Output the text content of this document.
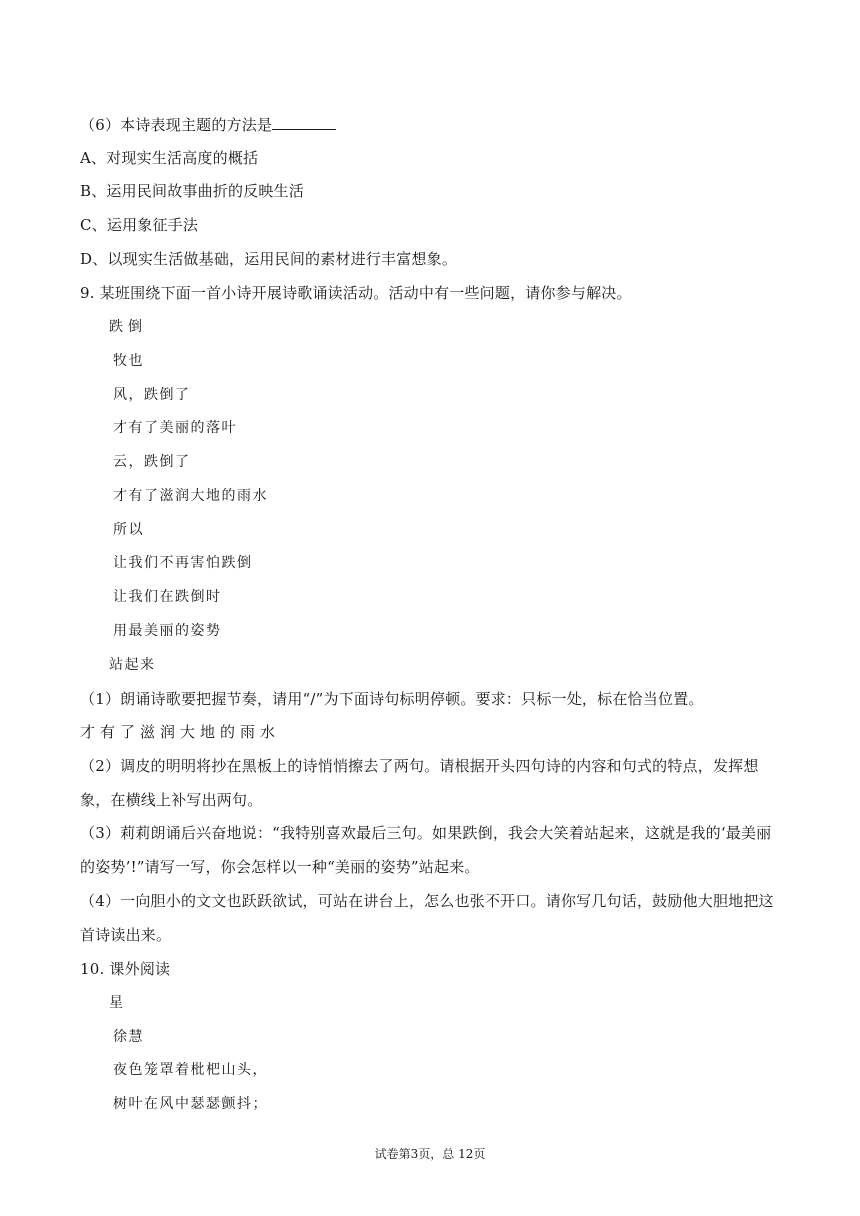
（6）本诗表现主题的方法是
A、对现实生活高度的概括
B、运用民间故事曲折的反映生活
C、运用象征手法
D、以现实生活做基础，运用民间的素材进行丰富想象。
9. 某班围绕下面一首小诗开展诗歌诵读活动。活动中有一些问题，请你参与解决。
跌倒
牧也
风，跌倒了
才有了美丽的落叶
云，跌倒了
才有了滋润大地的雨水
所以
让我们不再害怕跌倒
让我们在跌倒时
用最美丽的姿势
站起来
（1）朗诵诗歌要把握节奏，请用“/”为下面诗句标明停顿。要求：只标一处，标在恰当位置。
才有了滋润大地的雨水
（2）调皮的明明将抄在黑板上的诗悄悄擦去了两句。请根据开头四句诗的内容和句式的特点，发挥想象，在横线上补写出两句。
（3）莉莉朗诵后兴奋地说：“我特别喜欢最后三句。如果跌倒，我会大笑着站起来，这就是我的‘最美丽的姿势’!”请写一写，你会怎样以一种“美丽的姿势”站起来。
（4）一向胆小的文文也跃跃欲试，可站在讲台上，怎么也张不开口。请你写几句话，鼓励他大胆地把这首诗读出来。
10. 课外阅读
星
徐慧
夜色笼罩着枇杷山头，
树叶在风中瑟瑟颤抖；
试卷第3页，总 12页
